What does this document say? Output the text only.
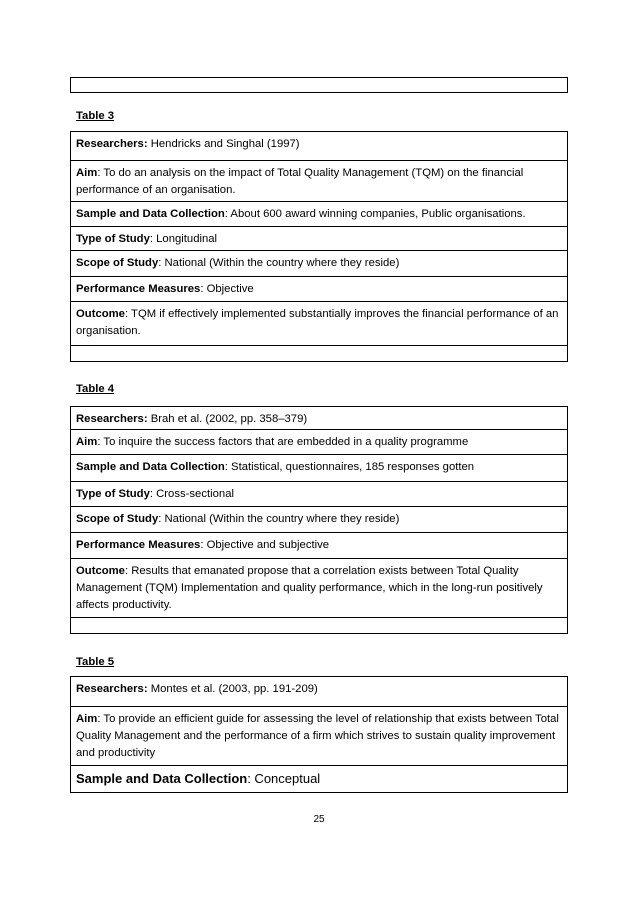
Table 3
Researchers: Hendricks and Singhal (1997)
Aim: To do an analysis on the impact of Total Quality Management (TQM) on the financial performance of an organisation.
Sample and Data Collection: About 600 award winning companies, Public organisations.
Type of Study: Longitudinal
Scope of Study: National (Within the country where they reside)
Performance Measures: Objective
Outcome: TQM if effectively implemented substantially improves the financial performance of an organisation.
Table 4
Researchers: Brah et al. (2002, pp. 358–379)
Aim: To inquire the success factors that are embedded in a quality programme
Sample and Data Collection: Statistical, questionnaires, 185 responses gotten
Type of Study: Cross-sectional
Scope of Study: National (Within the country where they reside)
Performance Measures: Objective and subjective
Outcome: Results that emanated propose that a correlation exists between Total Quality Management (TQM) Implementation and quality performance, which in the long-run positively affects productivity.
Table 5
Researchers: Montes et al. (2003, pp. 191-209)
Aim: To provide an efficient guide for assessing the level of relationship that exists between Total Quality Management and the performance of a firm which strives to sustain quality improvement and productivity
Sample and Data Collection: Conceptual
25
